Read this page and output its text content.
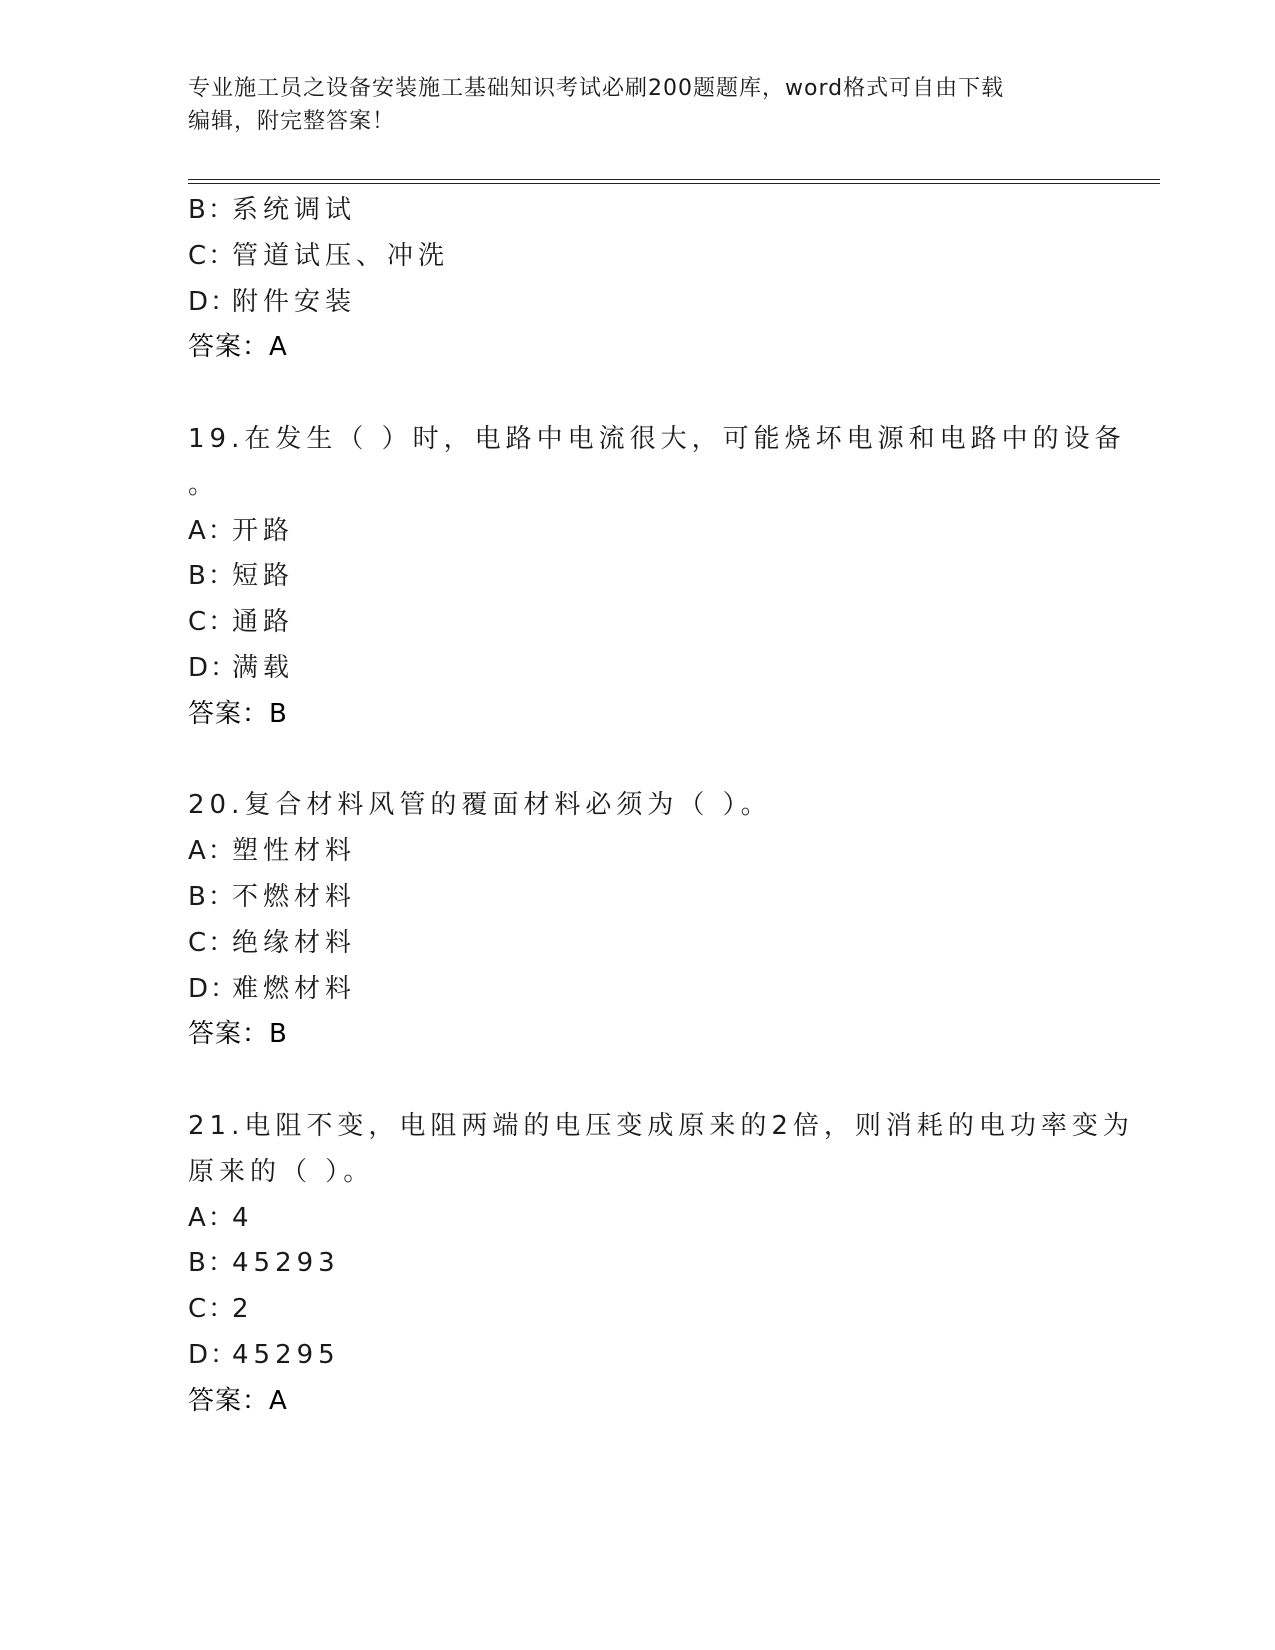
专业施工员之设备安装施工基础知识考试必刷200题题库，word格式可自由下载
编辑，附完整答案！
B：系统调试
C：管道试压、冲洗
D：附件安装
答案：A
19.在发生（ ）时，电路中电流很大，可能烧坏电源和电路中的设备
。
A：开路
B：短路
C：通路
D：满载
答案：B
20.复合材料风管的覆面材料必须为（ ）。
A：塑性材料
B：不燃材料
C：绝缘材料
D：难燃材料
答案：B
21.电阻不变，电阻两端的电压变成原来的2倍，则消耗的电功率变为
原来的（ ）。
A：4
B：45293
C：2
D：45295
答案：A
